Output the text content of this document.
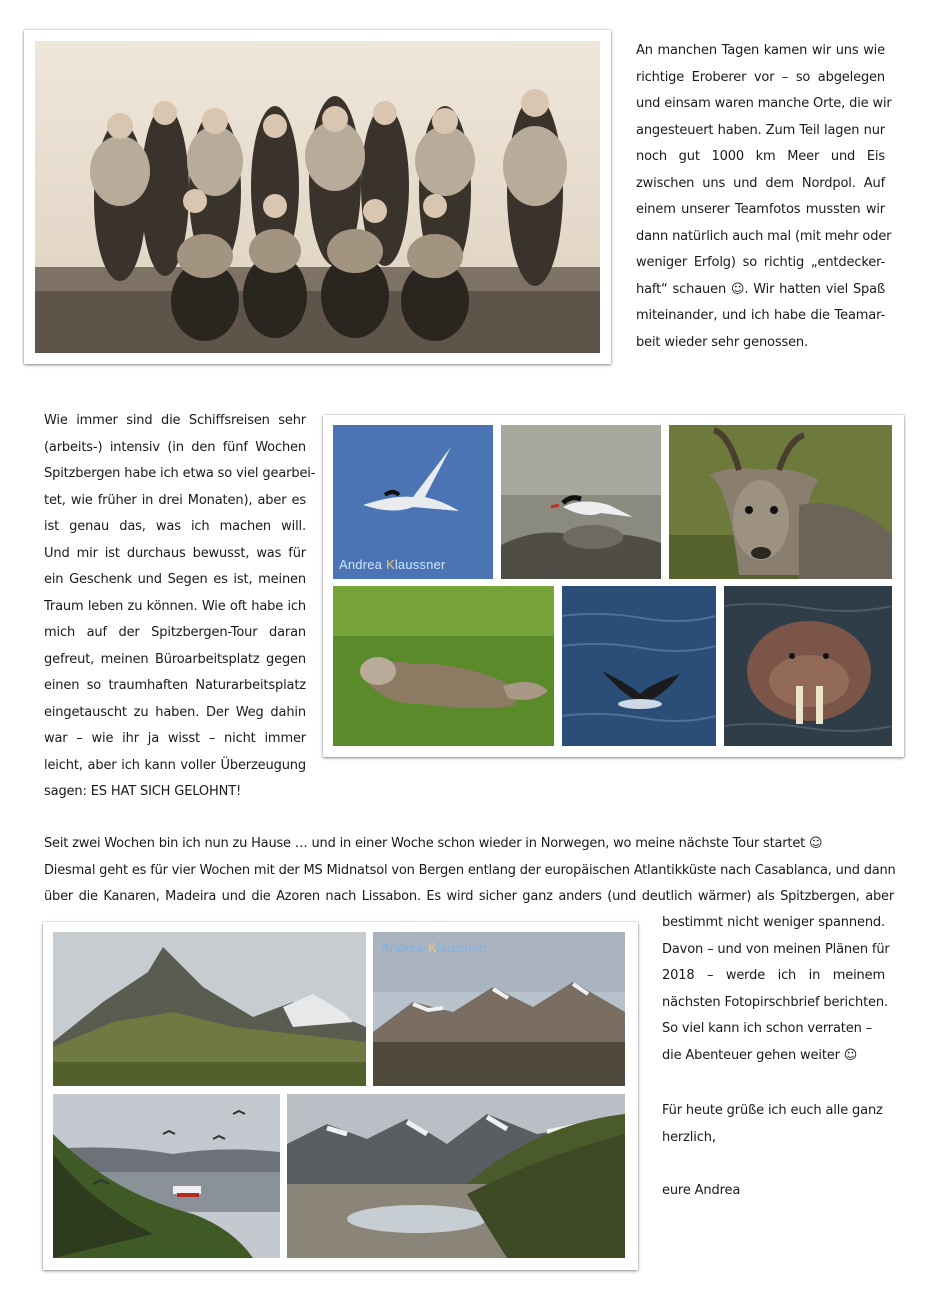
An manchen Tagen kamen wir uns wie
richtige Eroberer vor – so abgelegen
und einsam waren manche Orte, die wir
angesteuert haben. Zum Teil lagen nur
noch gut 1000 km Meer und Eis
zwischen uns und dem Nordpol. Auf
einem unserer Teamfotos mussten wir
dann natürlich auch mal (mit mehr oder
weniger Erfolg) so richtig „entdecker-
haft“ schauen ☺. Wir hatten viel Spaß
miteinander, und ich habe die Teamar-
beit wieder sehr genossen.

Wie immer sind die Schiffsreisen sehr
(arbeits-) intensiv (in den fünf Wochen
Spitzbergen habe ich etwa so viel gearbei-
tet, wie früher in drei Monaten), aber es
ist genau das, was ich machen will.
Und mir ist durchaus bewusst, was für
ein Geschenk und Segen es ist, meinen
Traum leben zu können. Wie oft habe ich
mich auf der Spitzbergen-Tour daran
gefreut, meinen Büroarbeitsplatz gegen
einen so traumhaften Naturarbeitsplatz
eingetauscht zu haben. Der Weg dahin
war – wie ihr ja wisst – nicht immer
leicht, aber ich kann voller Überzeugung
sagen: ES HAT SICH GELOHNT!

Andrea Klaussner

Seit zwei Wochen bin ich nun zu Hause … und in einer Woche schon wieder in Norwegen, wo meine nächste Tour startet ☺
Diesmal geht es für vier Wochen mit der MS Midnatsol von Bergen entlang der europäischen Atlantikküste nach Casablanca, und dann
über die Kanaren, Madeira und die Azoren nach Lissabon. Es wird sicher ganz anders (und deutlich wärmer) als Spitzbergen, aber

Andrea Klaussner

bestimmt nicht weniger spannend.
Davon – und von meinen Plänen für
2018 – werde ich in meinem
nächsten Fotopirschbrief berichten.
So viel kann ich schon verraten –
die Abenteuer gehen weiter ☺

Für heute grüße ich euch alle ganz
herzlich,

eure Andrea
